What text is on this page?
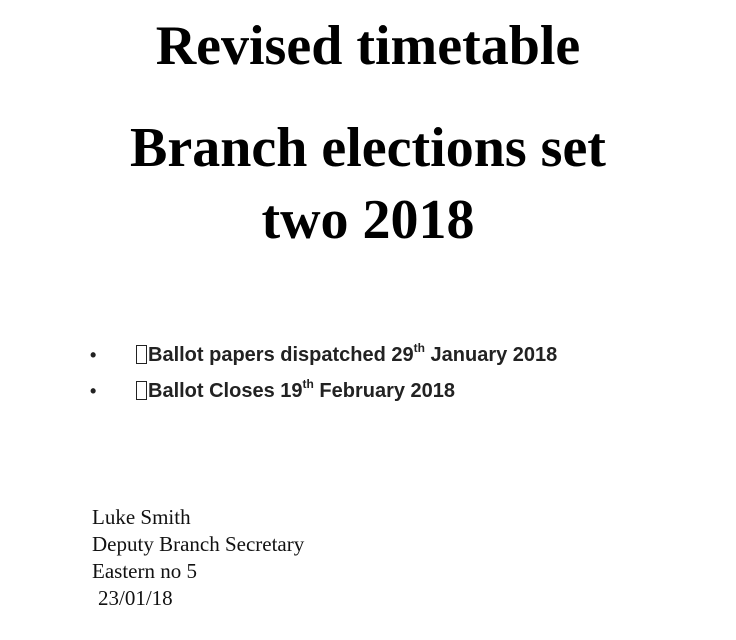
Revised timetable
Branch elections set
two 2018
•	Ballot papers dispatched 29th January 2018
•	Ballot Closes 19th February 2018
Luke Smith
Deputy Branch Secretary
Eastern no 5
23/01/18
